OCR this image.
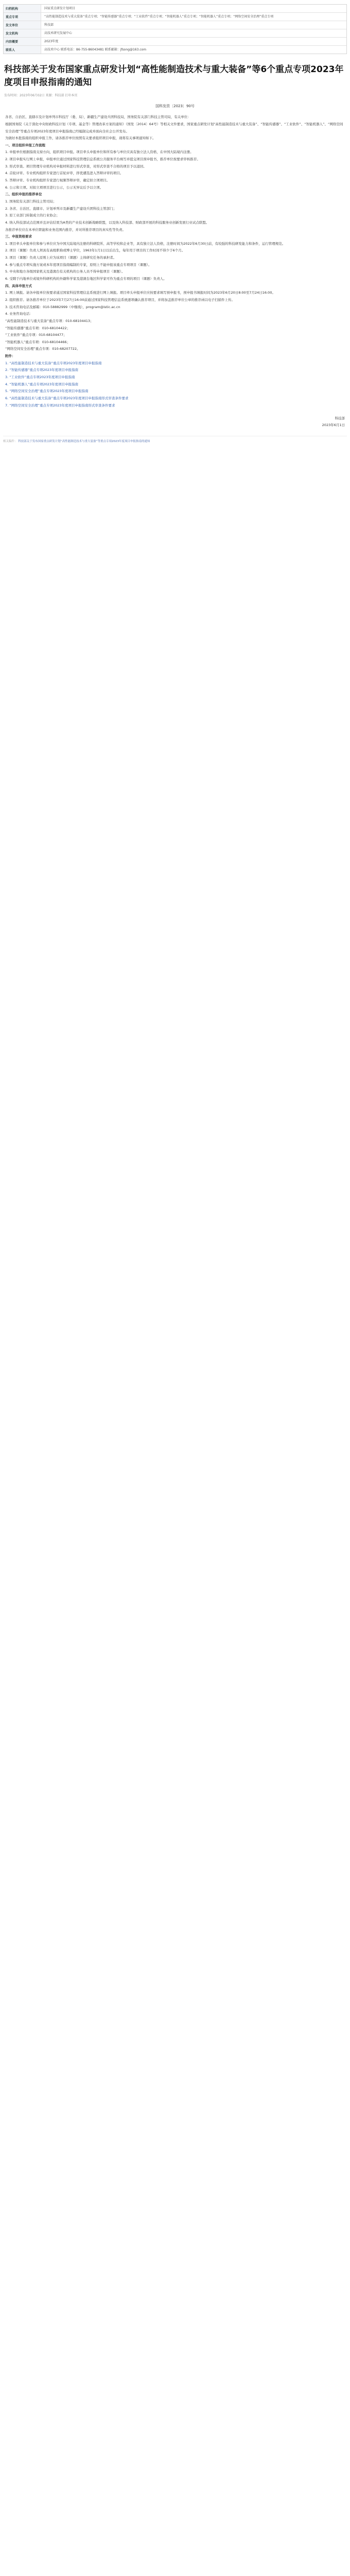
归档机构	国家重点研发计划项目
重点专项	“高性能制造技术与重大装备”重点专项；“智能传感器”重点专项；“工业软件”重点专项；“智能机器人”重点专项；“智能机器人”重点专项；“网络空间安全治理”重点专项
发文单位	科技部
发文机构	高技术研究发展中心
内容概要	2023年度
联系人	高技术中心 联系电话：86-755-86043481 联系邮箱：jfsong@163.com
科技部关于发布国家重点研发计划“高性能制造技术与重大装备”等6个重点专项2023年度项目申报指南的通知
发布时间：2023年06月02日 来源：科技部 打印本页
国科发资〔2023〕90号

各省、自治区、直辖市及计划单列市科技厅（委、局），新疆生产建设兵团科技局，国务院有关部门科技主管司局，有关单位：

根据国务院《关于深化中央财政科技计划（专项、基金等）管理改革方案的通知》（国发〔2014〕64号）等相关文件要求，国家重点研发计划“高性能制造技术与重大装备”、“智能传感器”、“工业软件”、“智能机器人”、“网络空间安全治理”等重点专项2023年度项目申报指南已经编制完成并面向全社会公开发布。

为做好本批指南的组织申报工作，请各推荐单位按照有关要求组织项目申报，现将有关事项通知如下。

一、项目组织申报工作流程

1. 申报单位根据指南支持方向，组织项目申报。项目牵头申报单位和所有参与单位应具有独立法人资格，在中国大陆境内注册。

2. 项目申报实行网上申报，申报单位通过国家科技管理信息系统公共服务平台填写并提交项目预申报书，推荐单位按要求审核推荐。

3. 形式审查。项目管理专业机构对申报材料进行形式审查，对形式审查不合格的项目予以退回。

4. 首轮评审。专业机构组织专家进行首轮评审，择优遴选进入答辩评审的项目。

5. 答辩评审。专业机构组织专家进行视频答辩评审，确定拟立项项目。

6. 公示和立项。对拟立项项目进行公示，公示无异议后予以立项。

二、组织申报的推荐单位

1. 国务院有关部门科技主管司局；

2. 各省、自治区、直辖市、计划单列市及新疆生产建设兵团科技主管部门；

3. 原工业部门转制成立的行业协会；

4. 纳入科技部试点范围并且评估结果为A类的产业技术创新战略联盟，以及纳入科技部、财政部开展的科技服务业创新发展行业试点联盟。

各推荐单位应在本单位职能和业务范围内推荐，并对所推荐项目的真实性等负责。

三、申报资格要求

1. 项目牵头申报单位和参与单位应为中国大陆境内注册的科研院所、高等学校和企业等，具有独立法人资格，注册时间为2022年6月30日前，有较强的科技研发能力和条件，运行管理规范。

2. 项目（课题）负责人须具有高级职称或博士学位，1963年1月1日以后出生，每年用于项目的工作时间不得少于6个月。

3. 项目（课题）负责人原则上应为该项目（课题）主体研究任务的承担者。

4. 参与重点专项实施方案或本年度项目指南编制的专家，原则上不能申报该重点专项项目（课题）。

5. 中央和地方各级国家机关及港澳台有关机构的公务人员不得申报项目（课题）。

6. 受聘于内地单位或境外科研机构的外籍科学家及港澳台地区科学家可作为重点专项的项目（课题）负责人。

四、具体申报方式

1. 网上填报。请各申报单位按要求通过国家科技管理信息系统进行网上填报。项目牵头申报单位应按要求填写预申报书，预申报书填报时间为2023年6月20日8:00至7月24日16:00。

2. 组织推荐。请各推荐单位于2023年7月27日16:00前通过国家科技管理信息系统逐项确认推荐项目，并将加盖推荐单位公章的推荐函以电子扫描件上传。

3. 技术咨询电话及邮箱：010-58882999（中继线），program@istic.ac.cn

4. 业务咨询电话：

“高性能制造技术与重大装备”重点专项：010-68104413；

“智能传感器”重点专项：010-68104422；

“工业软件”重点专项：010-68104477；

“智能机器人”重点专项：010-68104466；

“网络空间安全治理”重点专项：010-68207722。

附件：

1. “高性能制造技术与重大装备”重点专项2023年度项目申报指南

2. “智能传感器”重点专项2023年度项目申报指南

3. “工业软件”重点专项2023年度项目申报指南

4. “智能机器人”重点专项2023年度项目申报指南

5. “网络空间安全治理”重点专项2023年度项目申报指南

6. “高性能制造技术与重大装备”重点专项2023年度项目申报指南形式审查条件要求

7. “网络空间安全治理”重点专项2023年度项目申报指南形式审查条件要求

科技部
2023年6月1日
相关稿件： 科技部关于发布国家重点研发计划“高性能制造技术与重大装备”等重点专项2023年度项目申报指南的通知
